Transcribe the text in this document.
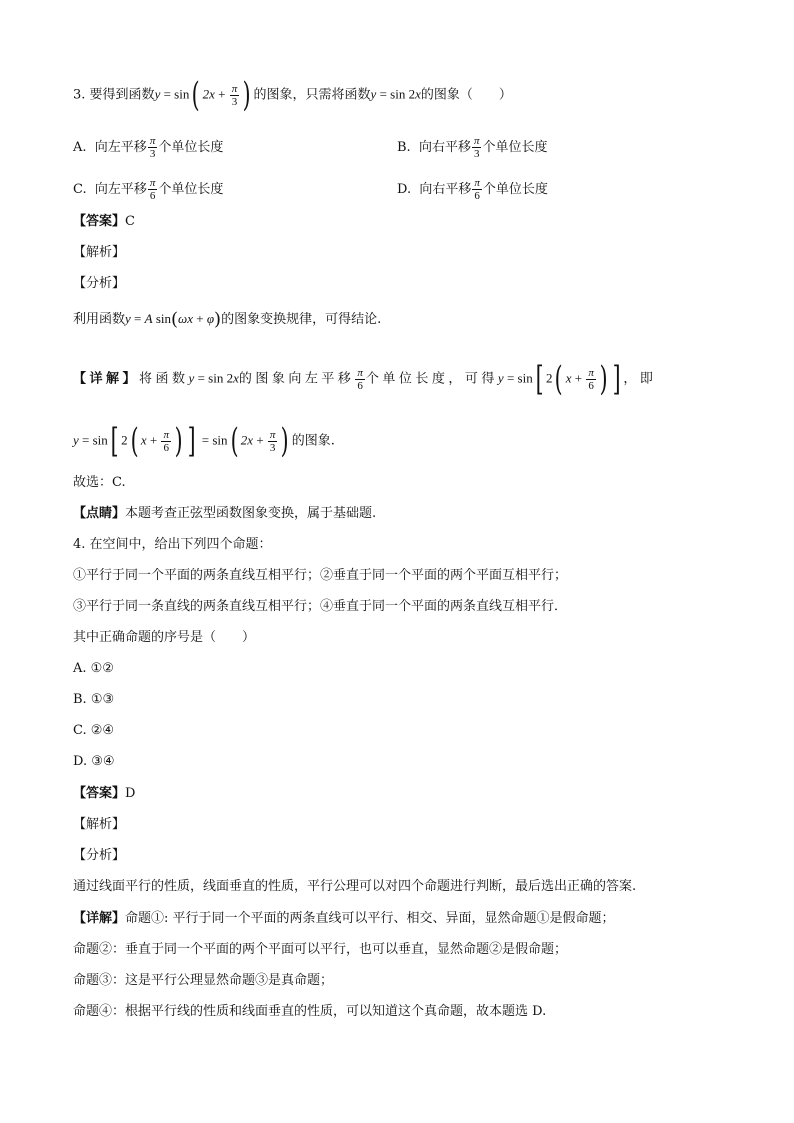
3. 要得到函数y = sin( $2x + \frac{\pi}{3}$ ) 的图象，只需将函数y = sin 2x的图象（　　）
A. 向左平移 $\frac{\pi}{3}$ 个单位长度	B. 向右平移 $\frac{\pi}{3}$ 个单位长度
C. 向左平移 $\frac{\pi}{6}$ 个单位长度	D. 向右平移 $\frac{\pi}{6}$ 个单位长度
【答案】C
【解析】
【分析】
利用函数y = A sin(ωx + φ)的图象变换规律，可得结论.
【详解】将函数y = sin 2x的图象向左平移 $\frac{\pi}{6}$ 个单位长度，可得y = sin[ 2( $x + \frac{\pi}{6}$ ) ] ，即
y = sin[ 2( $x + \frac{\pi}{6}$ ) ] = sin( $2x + \frac{\pi}{3}$ ) 的图象.
故选：C.
【点睛】本题考查正弦型函数图象变换，属于基础题.
4. 在空间中，给出下列四个命题：
①平行于同一个平面的两条直线互相平行；②垂直于同一个平面的两个平面互相平行；
③平行于同一条直线的两条直线互相平行；④垂直于同一个平面的两条直线互相平行．
其中正确命题的序号是（　　）
A. ①②
B. ①③
C. ②④
D. ③④
【答案】D
【解析】
【分析】
通过线面平行的性质，线面垂直的性质，平行公理可以对四个命题进行判断，最后选出正确的答案.
【详解】命题①: 平行于同一个平面的两条直线可以平行、相交、异面，显然命题①是假命题；
命题②：垂直于同一个平面的两个平面可以平行，也可以垂直，显然命题②是假命题；
命题③：这是平行公理显然命题③是真命题；
命题④：根据平行线的性质和线面垂直的性质，可以知道这个真命题，故本题选 D.
